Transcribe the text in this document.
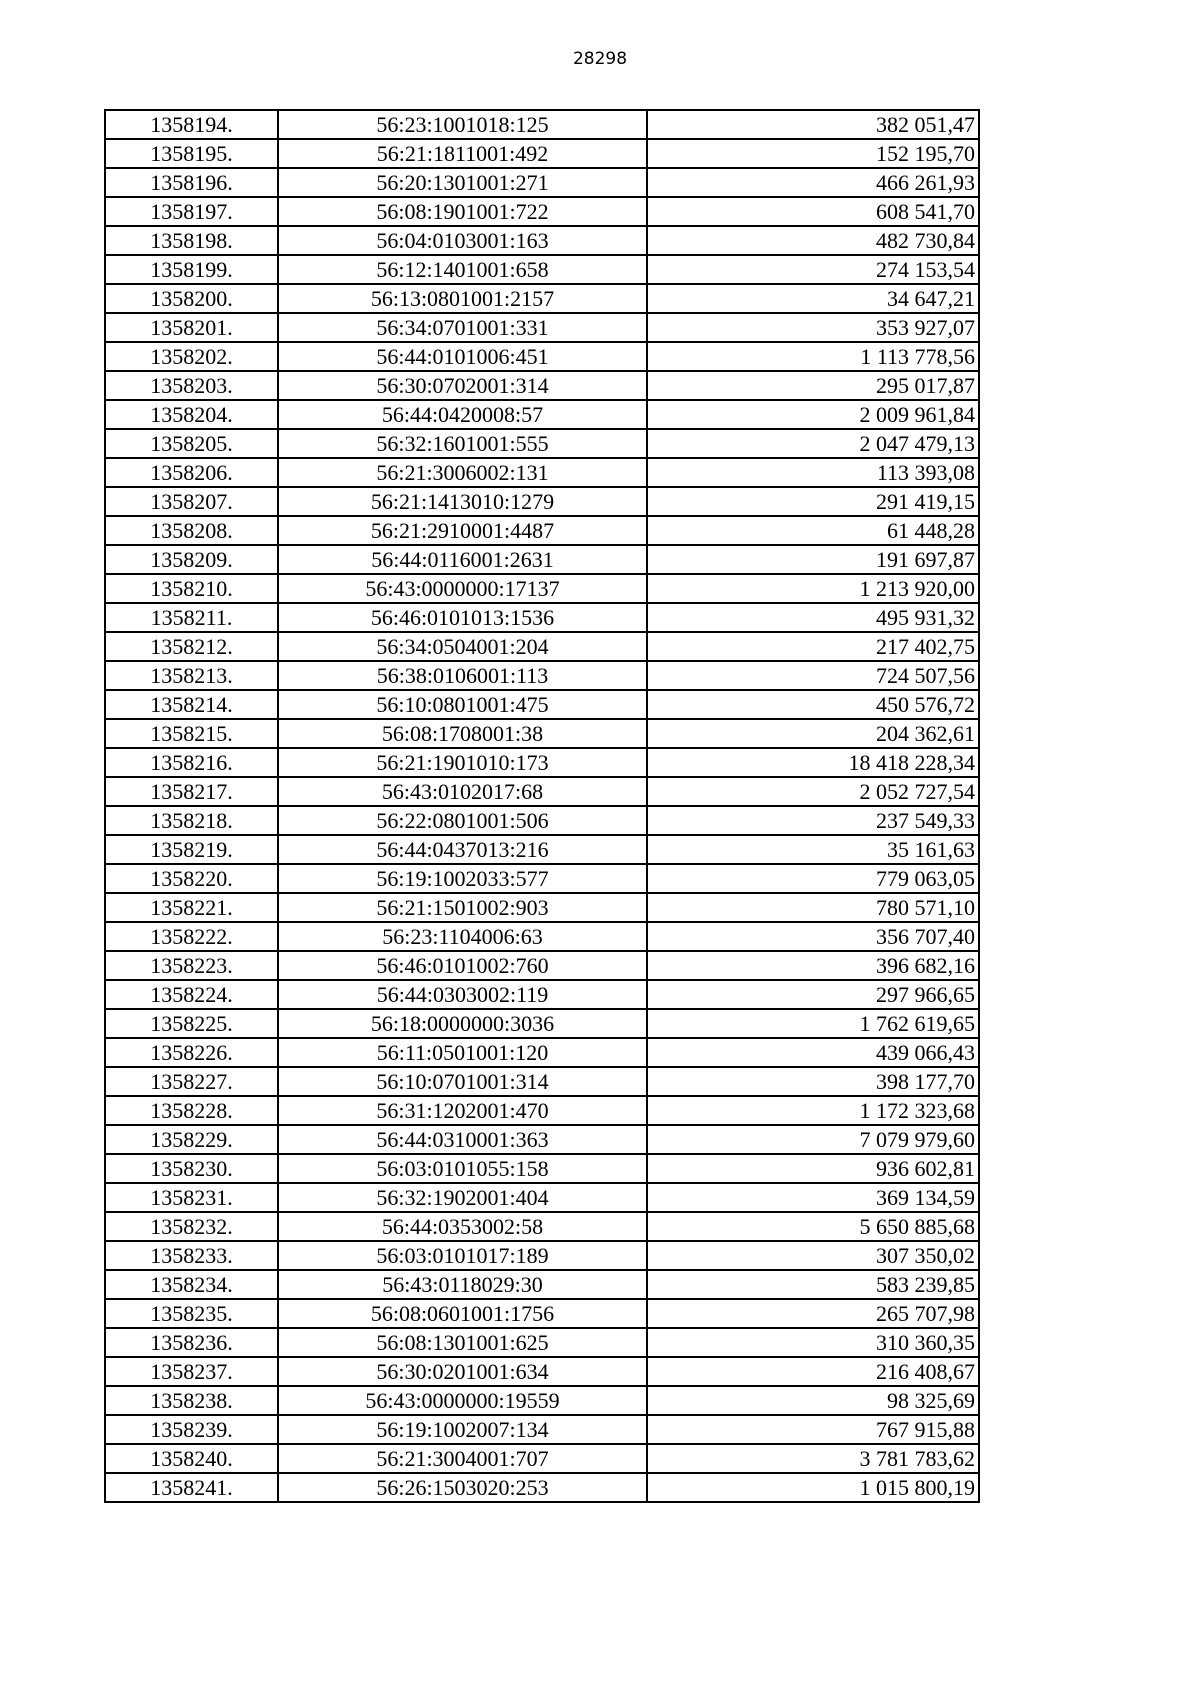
28298
1358194.	56:23:1001018:125	382 051,47
1358195.	56:21:1811001:492	152 195,70
1358196.	56:20:1301001:271	466 261,93
1358197.	56:08:1901001:722	608 541,70
1358198.	56:04:0103001:163	482 730,84
1358199.	56:12:1401001:658	274 153,54
1358200.	56:13:0801001:2157	34 647,21
1358201.	56:34:0701001:331	353 927,07
1358202.	56:44:0101006:451	1 113 778,56
1358203.	56:30:0702001:314	295 017,87
1358204.	56:44:0420008:57	2 009 961,84
1358205.	56:32:1601001:555	2 047 479,13
1358206.	56:21:3006002:131	113 393,08
1358207.	56:21:1413010:1279	291 419,15
1358208.	56:21:2910001:4487	61 448,28
1358209.	56:44:0116001:2631	191 697,87
1358210.	56:43:0000000:17137	1 213 920,00
1358211.	56:46:0101013:1536	495 931,32
1358212.	56:34:0504001:204	217 402,75
1358213.	56:38:0106001:113	724 507,56
1358214.	56:10:0801001:475	450 576,72
1358215.	56:08:1708001:38	204 362,61
1358216.	56:21:1901010:173	18 418 228,34
1358217.	56:43:0102017:68	2 052 727,54
1358218.	56:22:0801001:506	237 549,33
1358219.	56:44:0437013:216	35 161,63
1358220.	56:19:1002033:577	779 063,05
1358221.	56:21:1501002:903	780 571,10
1358222.	56:23:1104006:63	356 707,40
1358223.	56:46:0101002:760	396 682,16
1358224.	56:44:0303002:119	297 966,65
1358225.	56:18:0000000:3036	1 762 619,65
1358226.	56:11:0501001:120	439 066,43
1358227.	56:10:0701001:314	398 177,70
1358228.	56:31:1202001:470	1 172 323,68
1358229.	56:44:0310001:363	7 079 979,60
1358230.	56:03:0101055:158	936 602,81
1358231.	56:32:1902001:404	369 134,59
1358232.	56:44:0353002:58	5 650 885,68
1358233.	56:03:0101017:189	307 350,02
1358234.	56:43:0118029:30	583 239,85
1358235.	56:08:0601001:1756	265 707,98
1358236.	56:08:1301001:625	310 360,35
1358237.	56:30:0201001:634	216 408,67
1358238.	56:43:0000000:19559	98 325,69
1358239.	56:19:1002007:134	767 915,88
1358240.	56:21:3004001:707	3 781 783,62
1358241.	56:26:1503020:253	1 015 800,19
